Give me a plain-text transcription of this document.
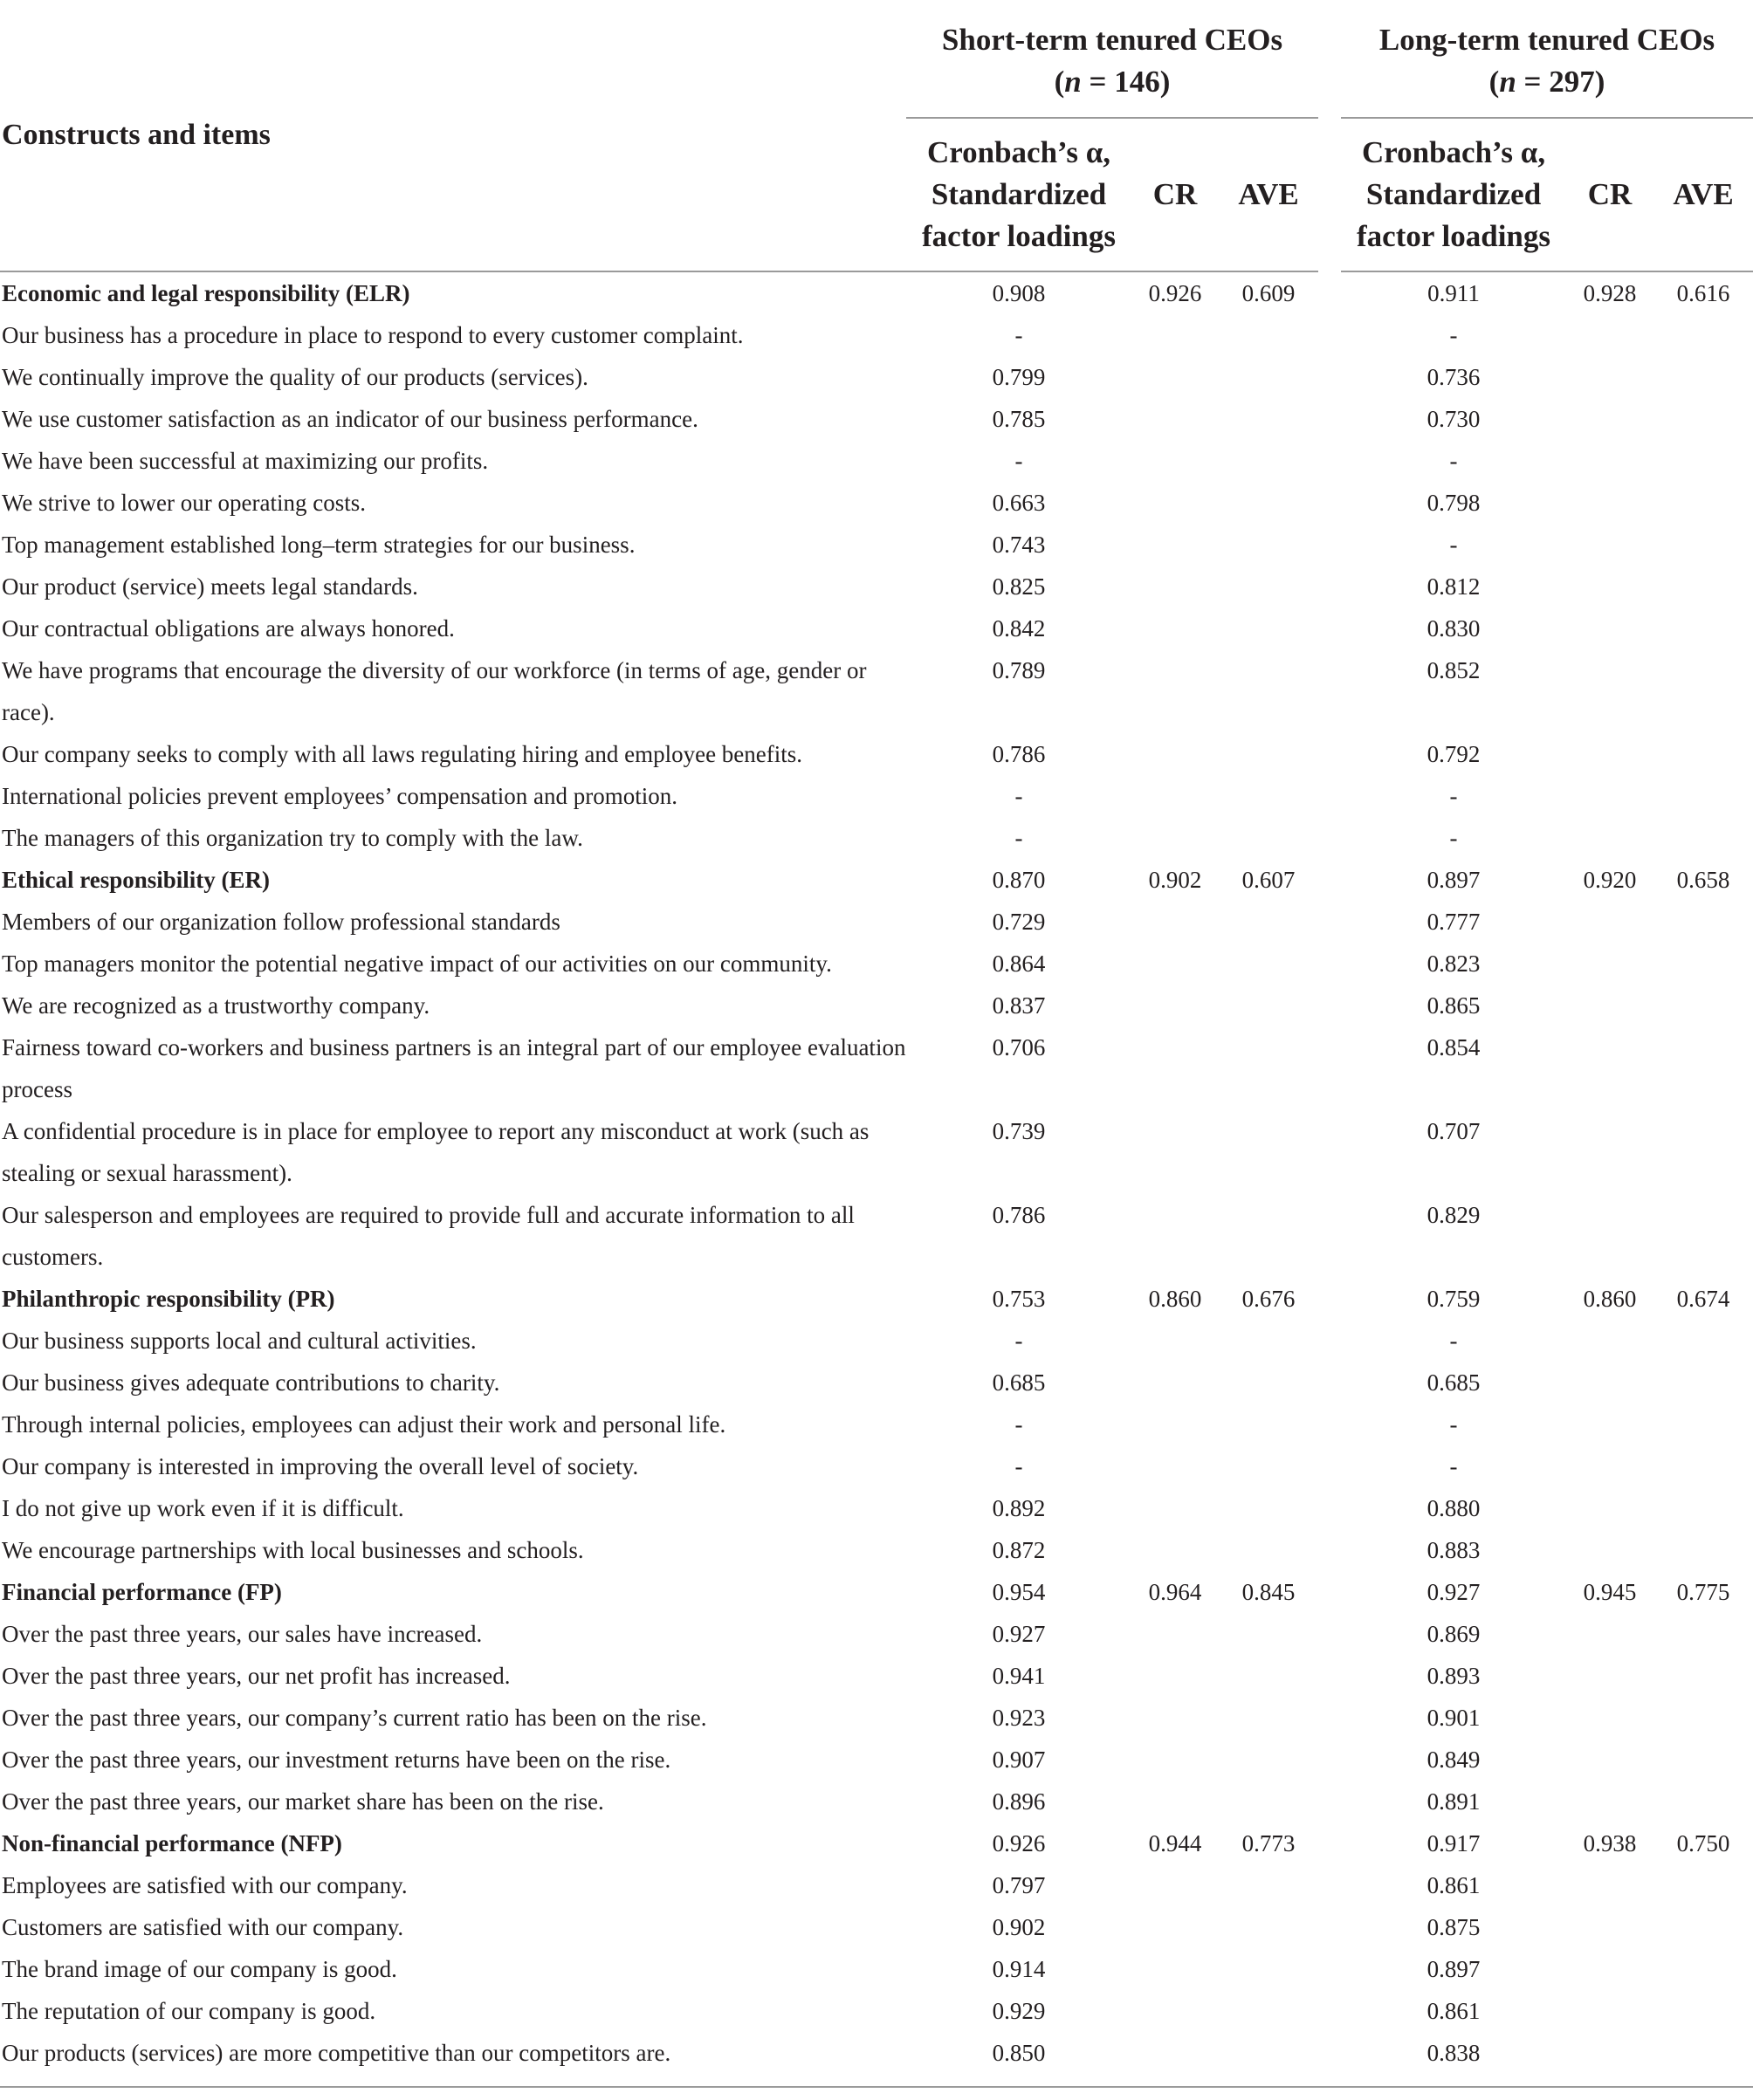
Constructs and items	Short-term tenured CEOs
(n = 146)				Long-term tenured CEOs
(n = 297)		
	Cronbach’s α, Standardized factor loadings	CR	AVE		Cronbach’s α, Standardized factor loadings	CR	AVE
Economic and legal responsibility (ELR)	0.908	0.926	0.609		0.911	0.928	0.616
Our business has a procedure in place to respond to every customer complaint.	-				-		
We continually improve the quality of our products (services).	0.799				0.736		
We use customer satisfaction as an indicator of our business performance.	0.785				0.730		
We have been successful at maximizing our profits.	-				-		
We strive to lower our operating costs.	0.663				0.798		
Top management established long–term strategies for our business.	0.743				-		
Our product (service) meets legal standards.	0.825				0.812		
Our contractual obligations are always honored.	0.842				0.830		
We have programs that encourage the diversity of our workforce (in terms of age, gender or race).	0.789				0.852		
Our company seeks to comply with all laws regulating hiring and employee benefits.	0.786				0.792		
International policies prevent employees’ compensation and promotion.	-				-		
The managers of this organization try to comply with the law.	-				-		
Ethical responsibility (ER)	0.870	0.902	0.607		0.897	0.920	0.658
Members of our organization follow professional standards	0.729				0.777		
Top managers monitor the potential negative impact of our activities on our community.	0.864				0.823		
We are recognized as a trustworthy company.	0.837				0.865		
Fairness toward co-workers and business partners is an integral part of our employee evaluation process	0.706				0.854		
A confidential procedure is in place for employee to report any misconduct at work (such as stealing or sexual harassment).	0.739				0.707		
Our salesperson and employees are required to provide full and accurate information to all customers.	0.786				0.829		
Philanthropic responsibility (PR)	0.753	0.860	0.676		0.759	0.860	0.674
Our business supports local and cultural activities.	-				-		
Our business gives adequate contributions to charity.	0.685				0.685		
Through internal policies, employees can adjust their work and personal life.	-				-		
Our company is interested in improving the overall level of society.	-				-		
I do not give up work even if it is difficult.	0.892				0.880		
We encourage partnerships with local businesses and schools.	0.872				0.883		
Financial performance (FP)	0.954	0.964	0.845		0.927	0.945	0.775
Over the past three years, our sales have increased.	0.927				0.869		
Over the past three years, our net profit has increased.	0.941				0.893		
Over the past three years, our company’s current ratio has been on the rise.	0.923				0.901		
Over the past three years, our investment returns have been on the rise.	0.907				0.849		
Over the past three years, our market share has been on the rise.	0.896				0.891		
Non-financial performance (NFP)	0.926	0.944	0.773		0.917	0.938	0.750
Employees are satisfied with our company.	0.797				0.861		
Customers are satisfied with our company.	0.902				0.875		
The brand image of our company is good.	0.914				0.897		
The reputation of our company is good.	0.929				0.861		
Our products (services) are more competitive than our competitors are.	0.850				0.838		
